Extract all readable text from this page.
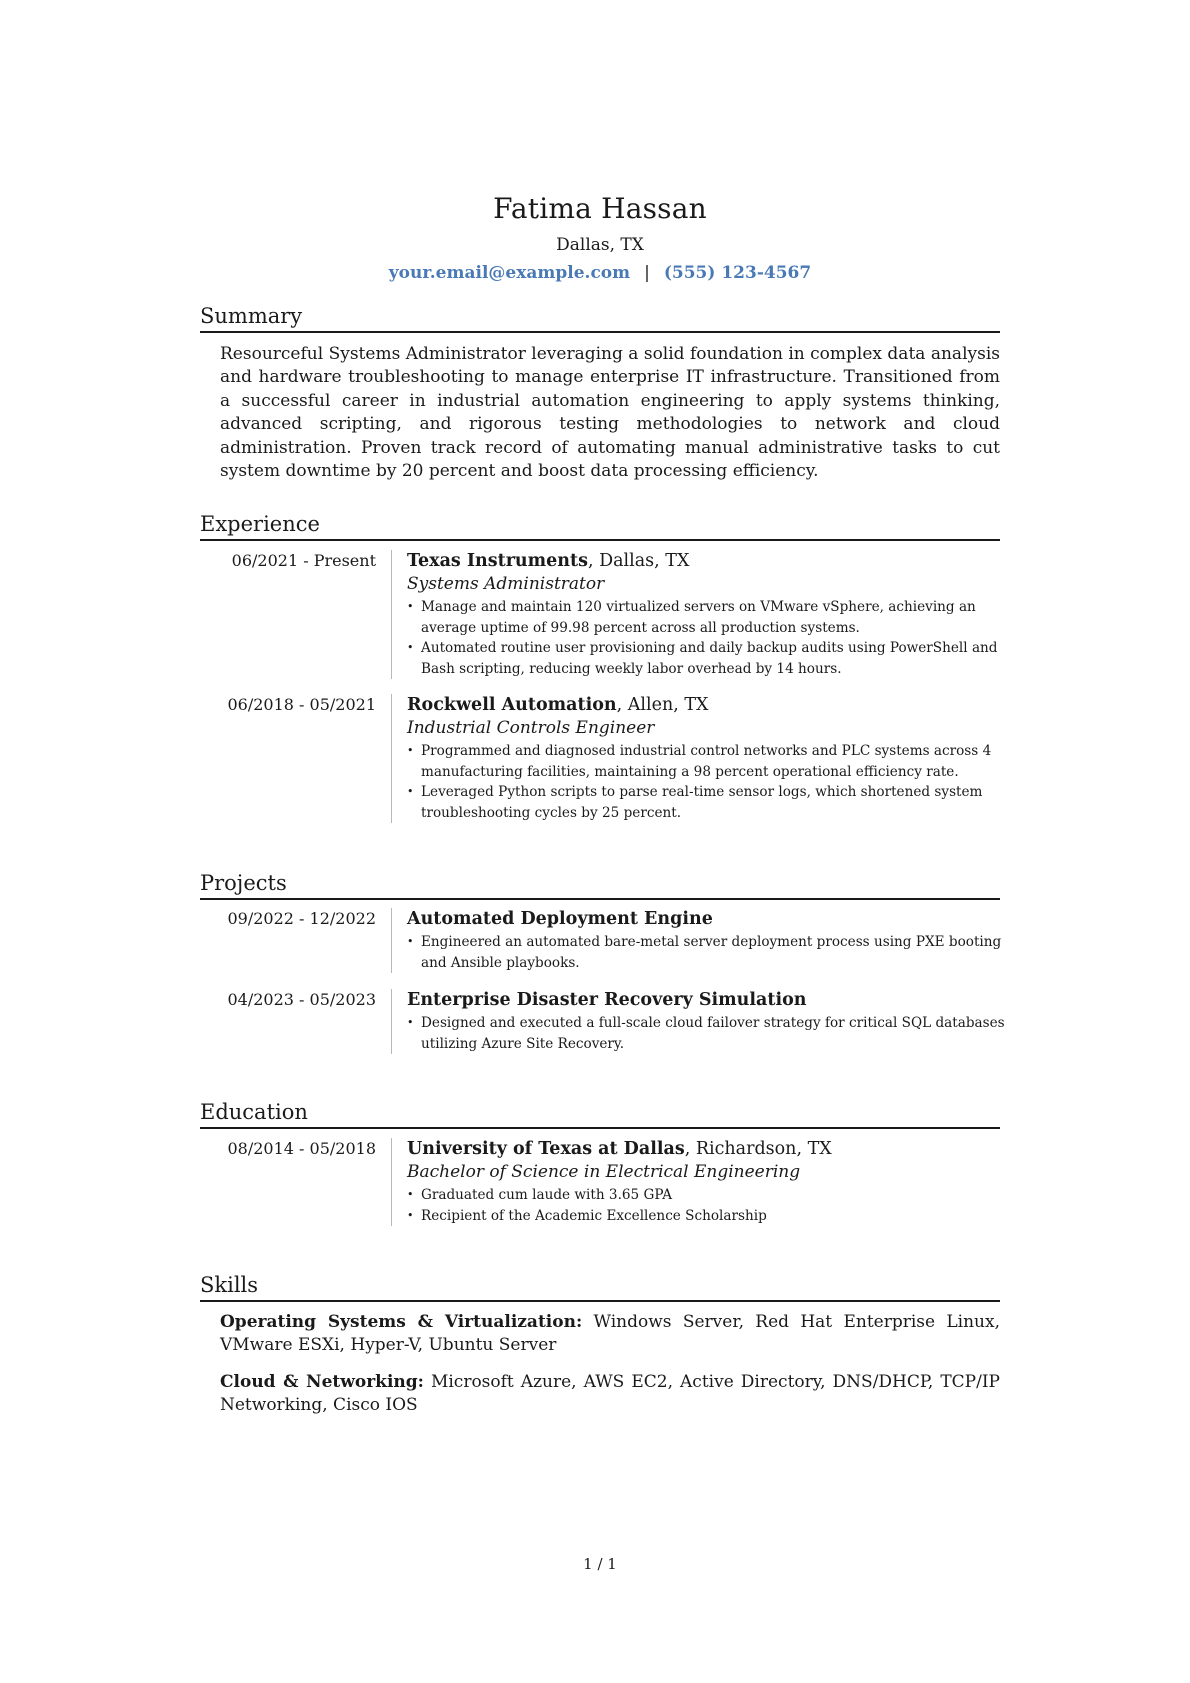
Fatima Hassan
Dallas, TX
your.email@example.com | (555) 123-4567
Summary

Resourceful Systems Administrator leveraging a solid foundation in complex data analysis and hardware troubleshooting to manage enterprise IT infrastructure. Transitioned from a successful career in industrial automation engineering to apply systems thinking, advanced scripting, and rigorous testing methodologies to network and cloud administration. Proven track record of automating manual administrative tasks to cut system downtime by 20 percent and boost data processing efficiency.

Experience
06/2021 - Present Texas Instruments, Dallas, TX
Systems Administrator
• Manage and maintain 120 virtualized servers on VMware vSphere, achieving an average uptime of 99.98 percent across all production systems.
• Automated routine user provisioning and daily backup audits using PowerShell and Bash scripting, reducing weekly labor overhead by 14 hours.
06/2018 - 05/2021 Rockwell Automation, Allen, TX
Industrial Controls Engineer
• Programmed and diagnosed industrial control networks and PLC systems across 4 manufacturing facilities, maintaining a 98 percent operational efficiency rate.
• Leveraged Python scripts to parse real-time sensor logs, which shortened system troubleshooting cycles by 25 percent.
Projects
09/2022 - 12/2022 Automated Deployment Engine
• Engineered an automated bare-metal server deployment process using PXE booting and Ansible playbooks.
04/2023 - 05/2023 Enterprise Disaster Recovery Simulation
• Designed and executed a full-scale cloud failover strategy for critical SQL databases utilizing Azure Site Recovery.
Education
08/2014 - 05/2018 University of Texas at Dallas, Richardson, TX
Bachelor of Science in Electrical Engineering
• Graduated cum laude with 3.65 GPA
• Recipient of the Academic Excellence Scholarship
Skills

Operating Systems & Virtualization: Windows Server, Red Hat Enterprise Linux, VMware ESXi, Hyper-V, Ubuntu Server

Cloud & Networking: Microsoft Azure, AWS EC2, Active Directory, DNS/DHCP, TCP/IP Networking, Cisco IOS

1 / 1
